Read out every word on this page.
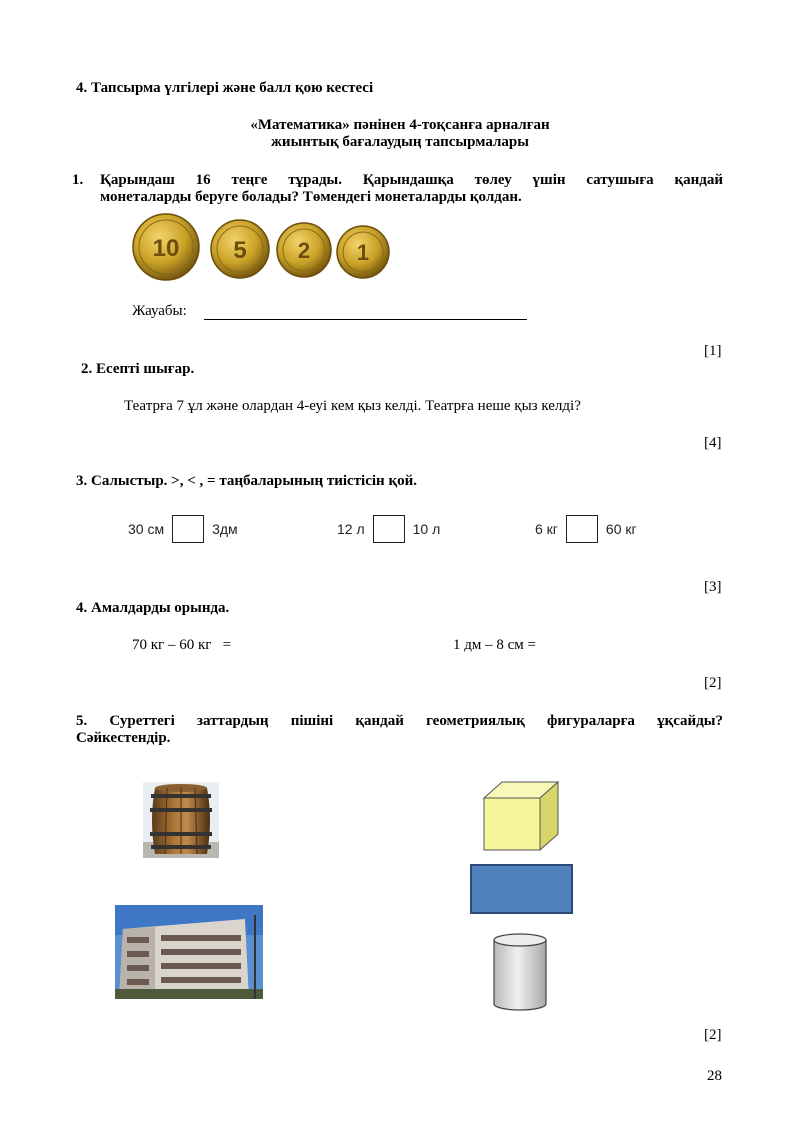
4. Тапсырма үлгілері және балл қою кестесі
«Математика» пәнінен 4-тоқсанға арналған
жиынтық бағалаудың тапсырмалары
1. Қарындаш 16 теңге тұрады. Қарындашқа төлеу үшін сатушыға қандай
монеталарды беруге болады? Төмендегі монеталарды қолдан.
10 5 2 1
Жауабы:
[1]
2. Есепті шығар.
Театрға 7 ұл және олардан 4-еуі кем қыз келді. Театрға неше қыз келді?
[4]
3. Салыстыр. >, < , = таңбаларының тиістісін қой.
30 см	3дм	12 л	10 л	6 кг	60 кг
[3]
4. Амалдарды орында.
70 кг – 60 кг   =	1 дм – 8 см =
[2]
5. Суреттегі заттардың пішіні қандай геометриялық фигураларға ұқсайды?
Сәйкестендір.
[2]
28
